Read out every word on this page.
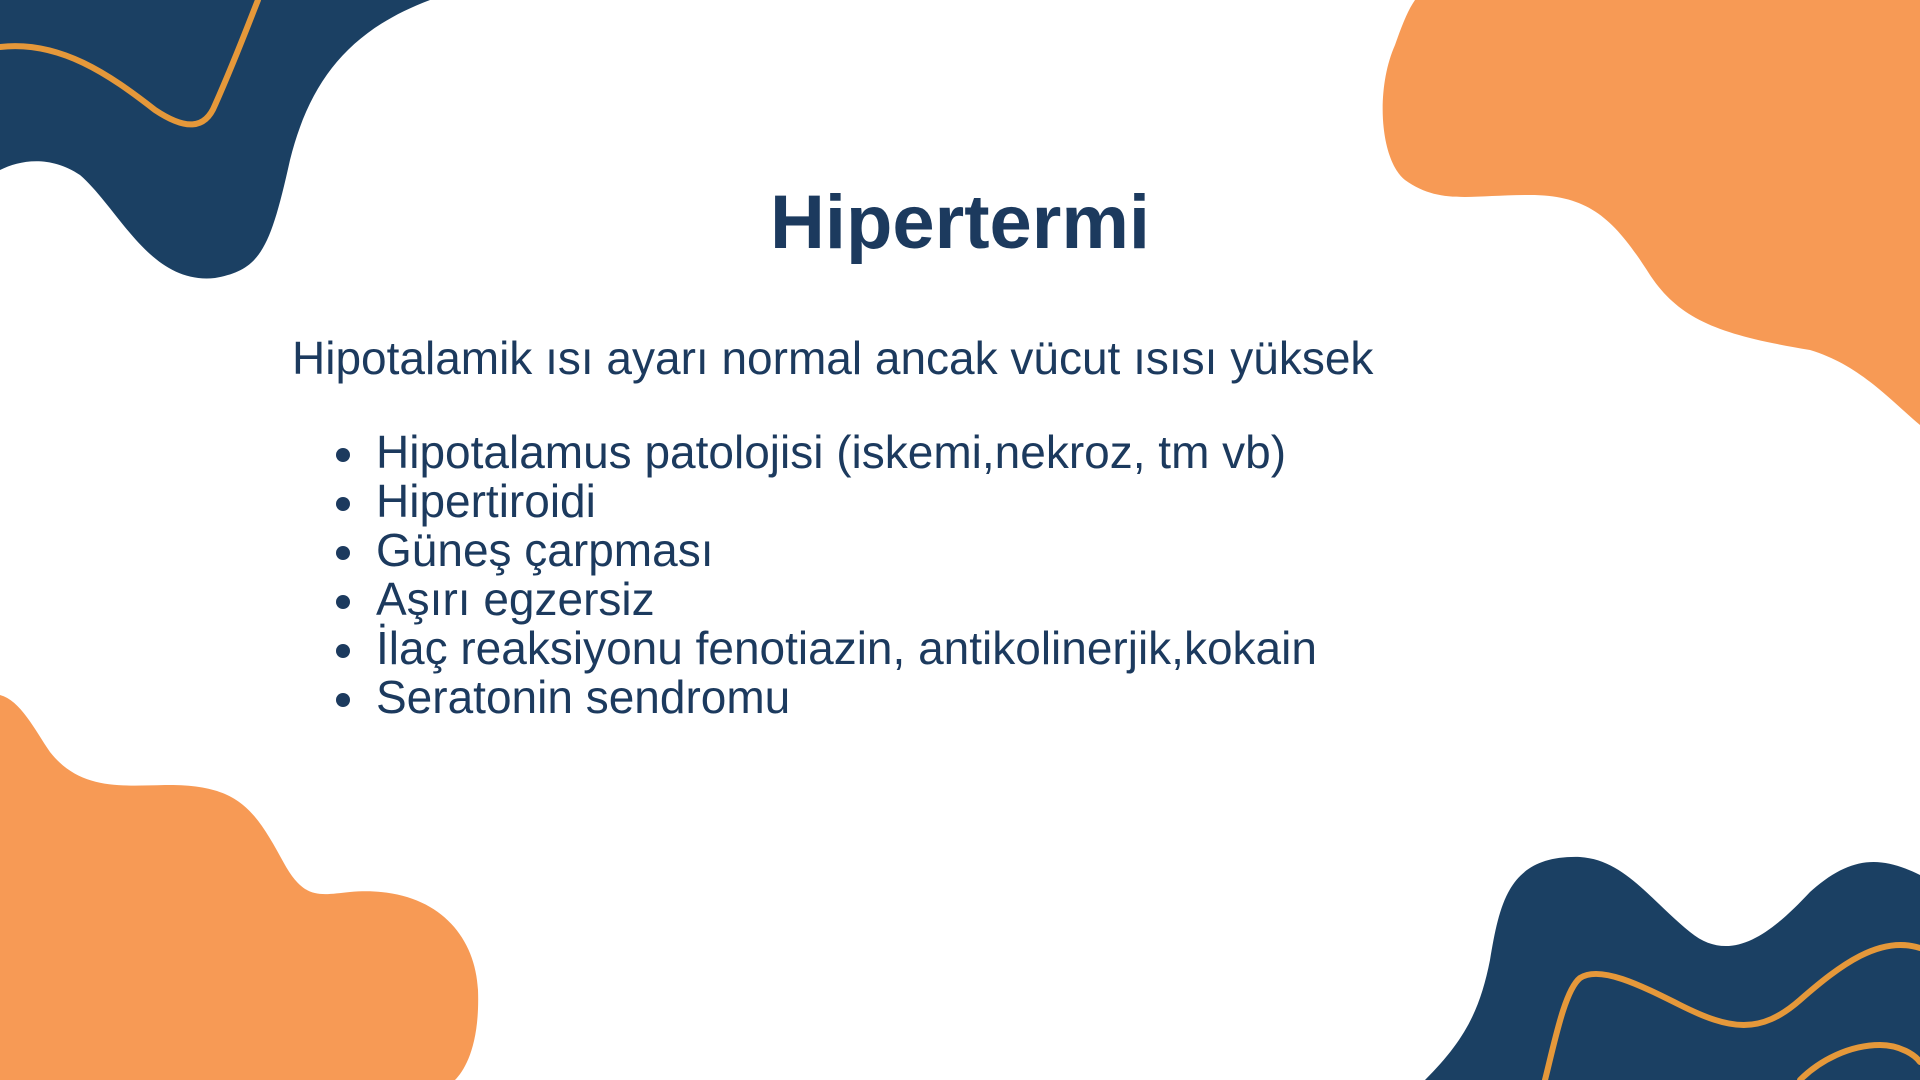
Hipertermi

Hipotalamik ısı ayarı normal ancak vücut ısısı yüksek

Hipotalamus patolojisi (iskemi,nekroz, tm vb)
Hipertiroidi
Güneş çarpması
Aşırı egzersiz
İlaç reaksiyonu fenotiazin, antikolinerjik,kokain
Seratonin sendromu
